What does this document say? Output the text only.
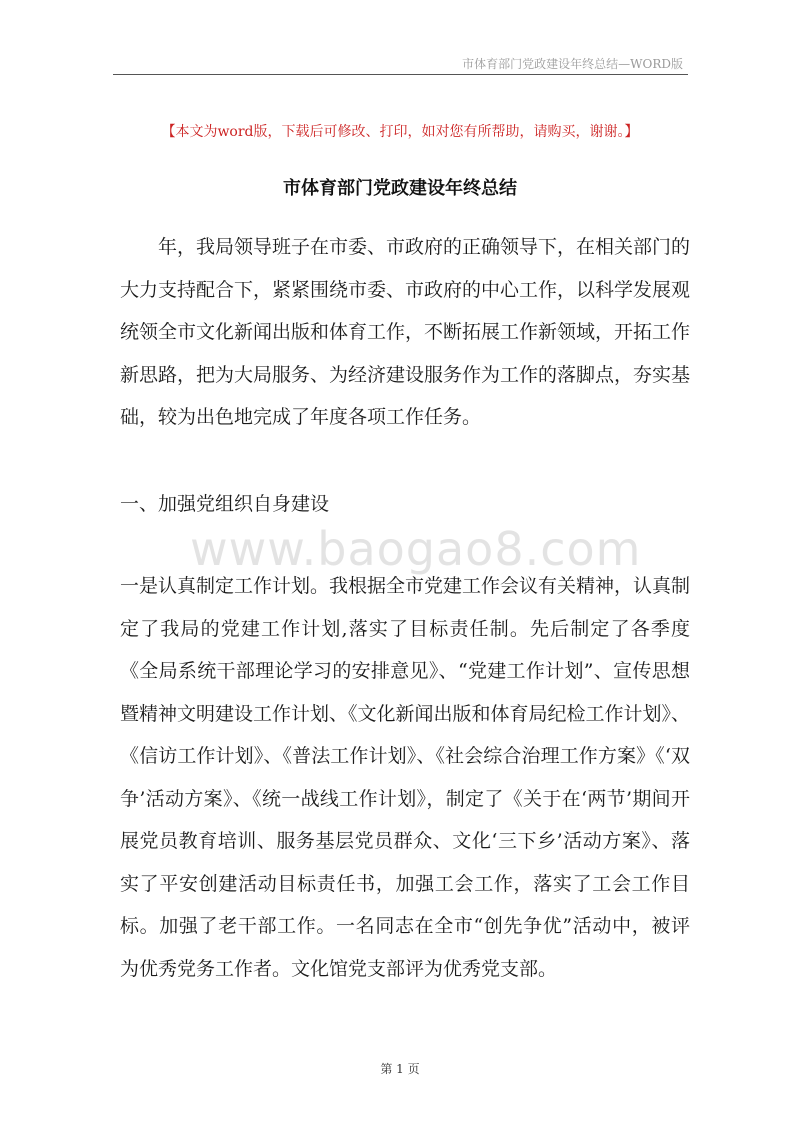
市体育部门党政建设年终总结—WORD版
【本文为word版，下载后可修改、打印，如对您有所帮助，请购买，谢谢。】
市体育部门党政建设年终总结
年，我局领导班子在市委、市政府的正确领导下，在相关部门的大力支持配合下，紧紧围绕市委、市政府的中心工作，以科学发展观统领全市文化新闻出版和体育工作，不断拓展工作新领域，开拓工作新思路，把为大局服务、为经济建设服务作为工作的落脚点，夯实基础，较为出色地完成了年度各项工作任务。
一、加强党组织自身建设
www.baogao8.com
一是认真制定工作计划。我根据全市党建工作会议有关精神，认真制定了我局的党建工作计划,落实了目标责任制。先后制定了各季度《全局系统干部理论学习的安排意见》、“党建工作计划”、宣传思想暨精神文明建设工作计划、《文化新闻出版和体育局纪检工作计划》、《信访工作计划》、《普法工作计划》、《社会综合治理工作方案》《‘双争’活动方案》、《统一战线工作计划》，制定了《关于在‘两节’期间开展党员教育培训、服务基层党员群众、文化‘三下乡’活动方案》、落实了平安创建活动目标责任书，加强工会工作，落实了工会工作目标。加强了老干部工作。一名同志在全市“创先争优”活动中，被评为优秀党务工作者。文化馆党支部评为优秀党支部。
第 1 页
